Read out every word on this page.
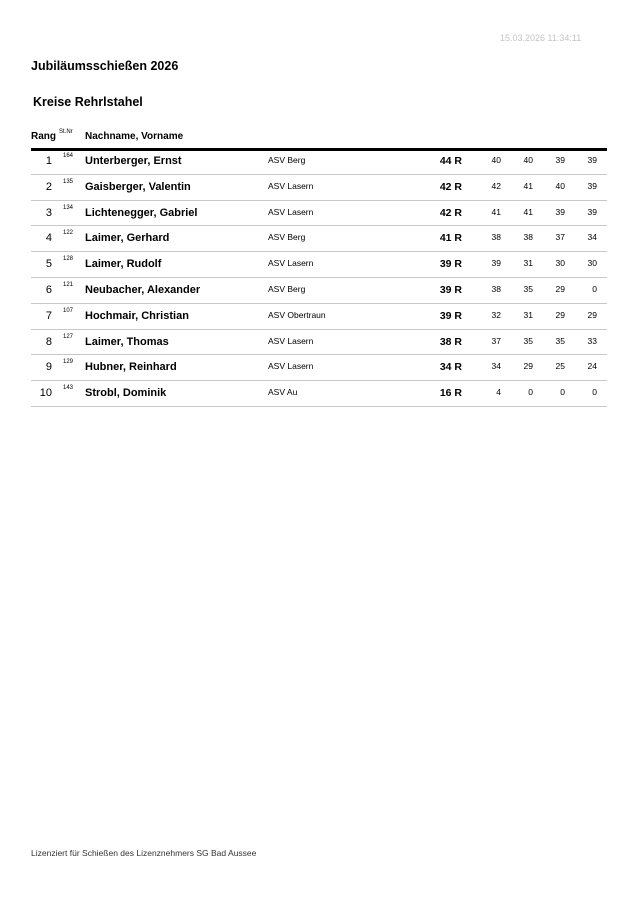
15.03.2026 11:34:11
Jubiläumsschießen 2026
Kreise Rehrlstahel
Rang St.Nr Nachname, Vorname
1 164 Unterberger, Ernst	ASV Berg	44 R	40	40	39	39
2 135 Gaisberger, Valentin	ASV Lasern	42 R	42	41	40	39
3 134 Lichtenegger, Gabriel	ASV Lasern	42 R	41	41	39	39
4 122 Laimer, Gerhard	ASV Berg	41 R	38	38	37	34
5 128 Laimer, Rudolf	ASV Lasern	39 R	39	31	30	30
6 121 Neubacher, Alexander	ASV Berg	39 R	38	35	29	0
7 107 Hochmair, Christian	ASV Obertraun	39 R	32	31	29	29
8 127 Laimer, Thomas	ASV Lasern	38 R	37	35	35	33
9 129 Hubner, Reinhard	ASV Lasern	34 R	34	29	25	24
10 143 Strobl, Dominik	ASV Au	16 R	4	0	0	0
Lizenziert für Schießen des Lizenznehmers SG Bad Aussee
